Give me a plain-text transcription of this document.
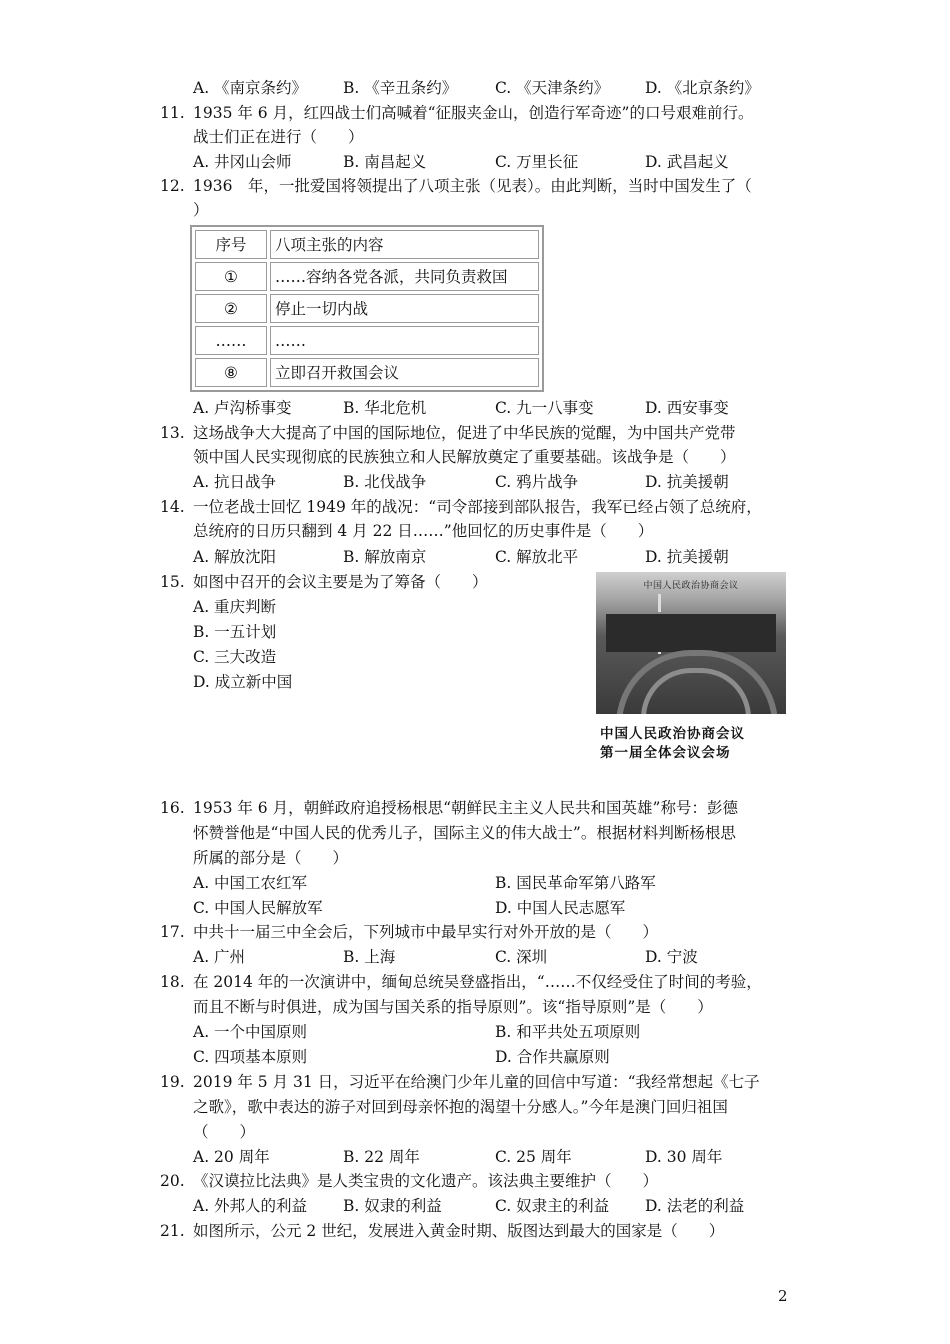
A. 《南京条约》 B. 《辛丑条约》 C. 《天津条约》 D. 《北京条约》
11. 1935 年 6 月，红四战士们高喊着“征服夹金山，创造行军奇迹”的口号艰难前行。
战士们正在进行（　　）
A. 井冈山会师	B. 南昌起义	C. 万里长征	D. 武昌起义
12. 1936　年，一批爱国将领提出了八项主张（见表）。由此判断，当时中国发生了（
）
序号	八项主张的内容
①	……容纳各党各派，共同负责救国
②	停止一切内战
……	……
⑧	立即召开救国会议
A. 卢沟桥事变	B. 华北危机	C. 九一八事变	D. 西安事变
13. 这场战争大大提高了中国的国际地位，促进了中华民族的觉醒，为中国共产党带
领中国人民实现彻底的民族独立和人民解放奠定了重要基础。该战争是（　　）
A. 抗日战争	B. 北伐战争	C. 鸦片战争	D. 抗美援朝
14. 一位老战士回忆 1949 年的战况：“司令部接到部队报告，我军已经占领了总统府，
总统府的日历只翻到 4 月 22 日……”他回忆的历史事件是（　　）
A. 解放沈阳	B. 解放南京	C. 解放北平	D. 抗美援朝
15. 如图中召开的会议主要是为了筹备（　　）
A. 重庆判断
B. 一五计划
C. 三大改造
D. 成立新中国
中国人民政治协商会议
中国人民政治协商会议
第一届全体会议会场
16. 1953 年 6 月，朝鲜政府追授杨根思“朝鲜民主主义人民共和国英雄”称号：彭德
怀赞誉他是“中国人民的优秀儿子，国际主义的伟大战士”。根据材料判断杨根思
所属的部分是（　　）
A. 中国工农红军	B. 国民革命军第八路军
C. 中国人民解放军	D. 中国人民志愿军
17. 中共十一届三中全会后，下列城市中最早实行对外开放的是（　　）
A. 广州	B. 上海	C. 深圳	D. 宁波
18. 在 2014 年的一次演讲中，缅甸总统吴登盛指出，“……不仅经受住了时间的考验，
而且不断与时俱进，成为国与国关系的指导原则”。该“指导原则”是（　　）
A. 一个中国原则	B. 和平共处五项原则
C. 四项基本原则	D. 合作共赢原则
19. 2019 年 5 月 31 日，习近平在给澳门少年儿童的回信中写道：“我经常想起《七子
之歌》，歌中表达的游子对回到母亲怀抱的渴望十分感人。”今年是澳门回归祖国
（　　）
A. 20 周年	B. 22 周年	C. 25 周年	D. 30 周年
20. 《汉谟拉比法典》是人类宝贵的文化遗产。该法典主要维护（　　）
A. 外邦人的利益 B. 奴隶的利益	C. 奴隶主的利益 D. 法老的利益
21. 如图所示，公元 2 世纪，发展进入黄金时期、版图达到最大的国家是（　　）
2
